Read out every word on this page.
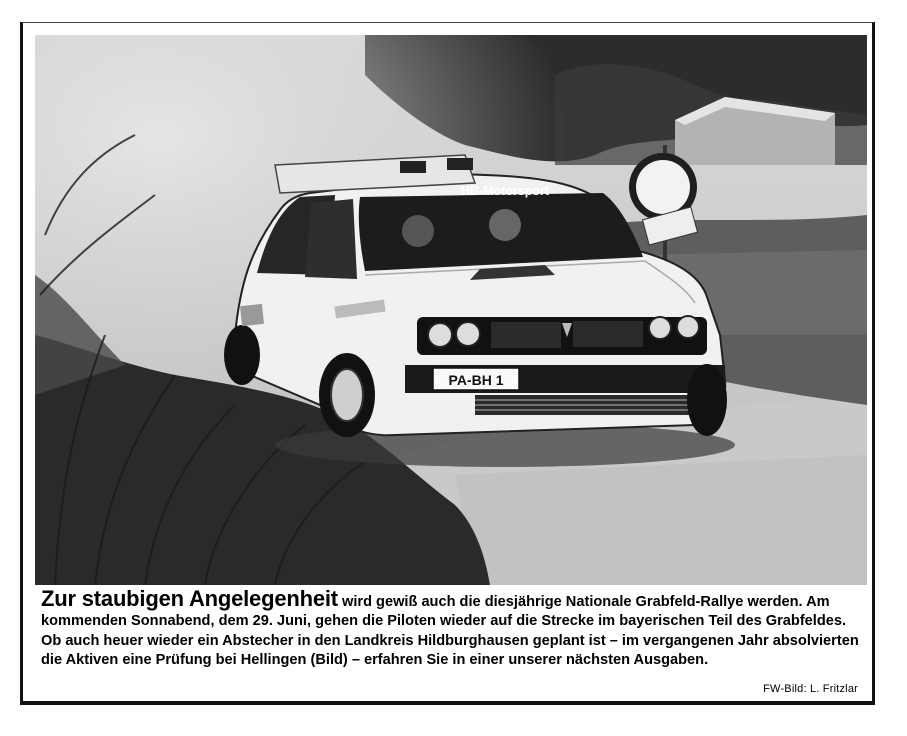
HB-Motorsport
PA-BH 1
Zur staubigen Angelegenheit wird gewiß auch die diesjährige Nationale Grabfeld-Rallye werden. Am kommenden Sonnabend, dem 29. Juni, gehen die Piloten wieder auf die Strecke im bayerischen Teil des Grabfeldes. Ob auch heuer wieder ein Abstecher in den Landkreis Hildburghausen geplant ist – im vergangenen Jahr absolvierten die Aktiven eine Prüfung bei Hellingen (Bild) – erfahren Sie in einer unserer nächsten Ausgaben.
FW-Bild: L. Fritzlar
